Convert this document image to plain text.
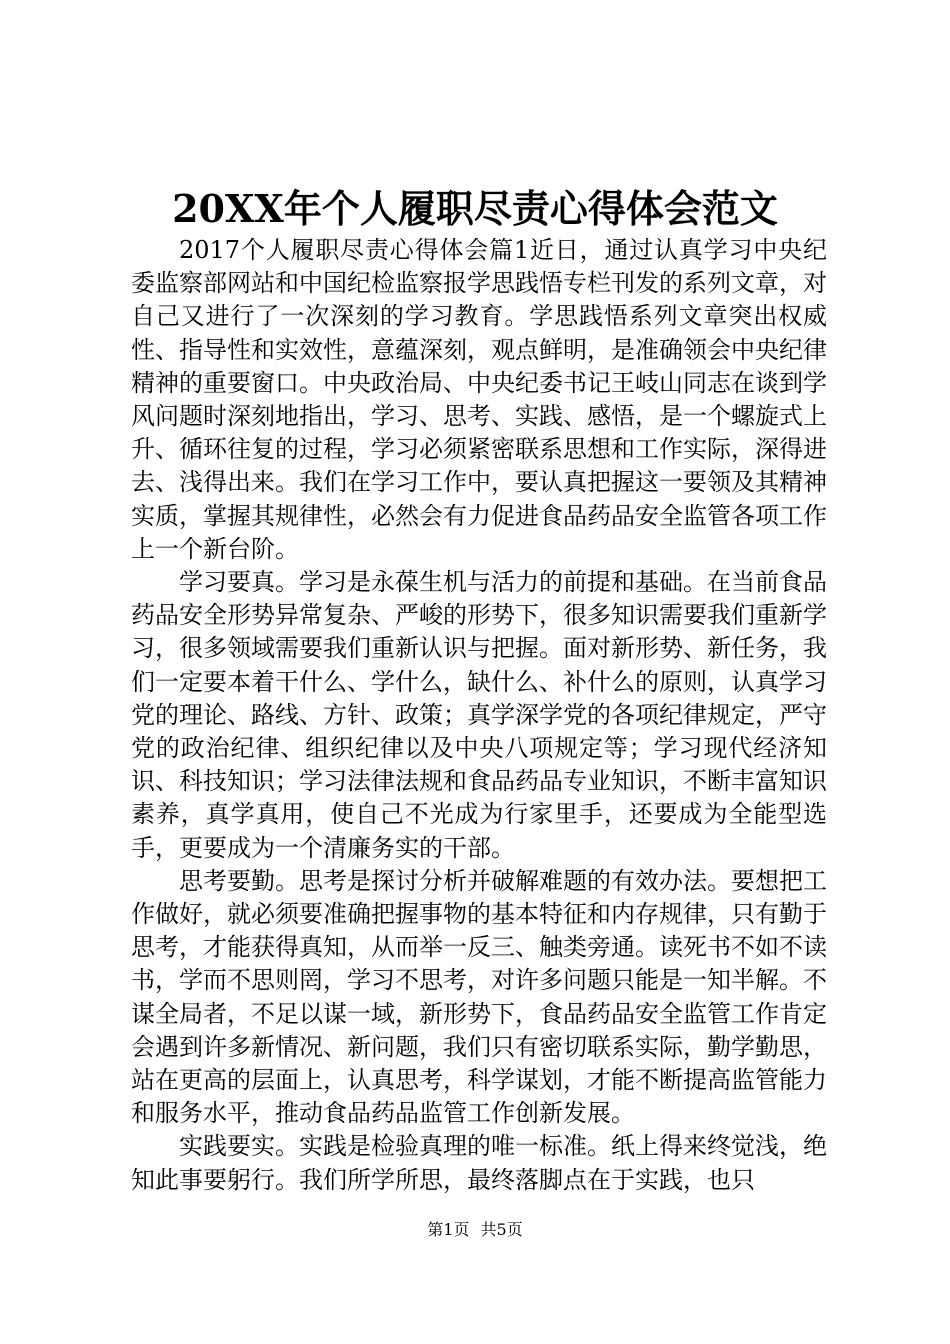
20XX年个人履职尽责心得体会范文

2017个人履职尽责心得体会篇1近日，通过认真学习中央纪委监察部网站和中国纪检监察报学思践悟专栏刊发的系列文章，对自己又进行了一次深刻的学习教育。学思践悟系列文章突出权威性、指导性和实效性，意蕴深刻，观点鲜明，是准确领会中央纪律精神的重要窗口。中央政治局、中央纪委书记王岐山同志在谈到学风问题时深刻地指出，学习、思考、实践、感悟，是一个螺旋式上升、循环往复的过程，学习必须紧密联系思想和工作实际，深得进去、浅得出来。我们在学习工作中，要认真把握这一要领及其精神实质，掌握其规律性，必然会有力促进食品药品安全监管各项工作上一个新台阶。

学习要真。学习是永葆生机与活力的前提和基础。在当前食品药品安全形势异常复杂、严峻的形势下，很多知识需要我们重新学习，很多领域需要我们重新认识与把握。面对新形势、新任务，我们一定要本着干什么、学什么，缺什么、补什么的原则，认真学习党的理论、路线、方针、政策；真学深学党的各项纪律规定，严守党的政治纪律、组织纪律以及中央八项规定等；学习现代经济知识、科技知识；学习法律法规和食品药品专业知识，不断丰富知识素养，真学真用，使自己不光成为行家里手，还要成为全能型选手，更要成为一个清廉务实的干部。

思考要勤。思考是探讨分析并破解难题的有效办法。要想把工作做好，就必须要准确把握事物的基本特征和内存规律，只有勤于思考，才能获得真知，从而举一反三、触类旁通。读死书不如不读书，学而不思则罔，学习不思考，对许多问题只能是一知半解。不谋全局者，不足以谋一域，新形势下，食品药品安全监管工作肯定会遇到许多新情况、新问题，我们只有密切联系实际，勤学勤思，站在更高的层面上，认真思考，科学谋划，才能不断提高监管能力和服务水平，推动食品药品监管工作创新发展。

实践要实。实践是检验真理的唯一标准。纸上得来终觉浅，绝知此事要躬行。我们所学所思，最终落脚点在于实践，也只

第1页 共5页
